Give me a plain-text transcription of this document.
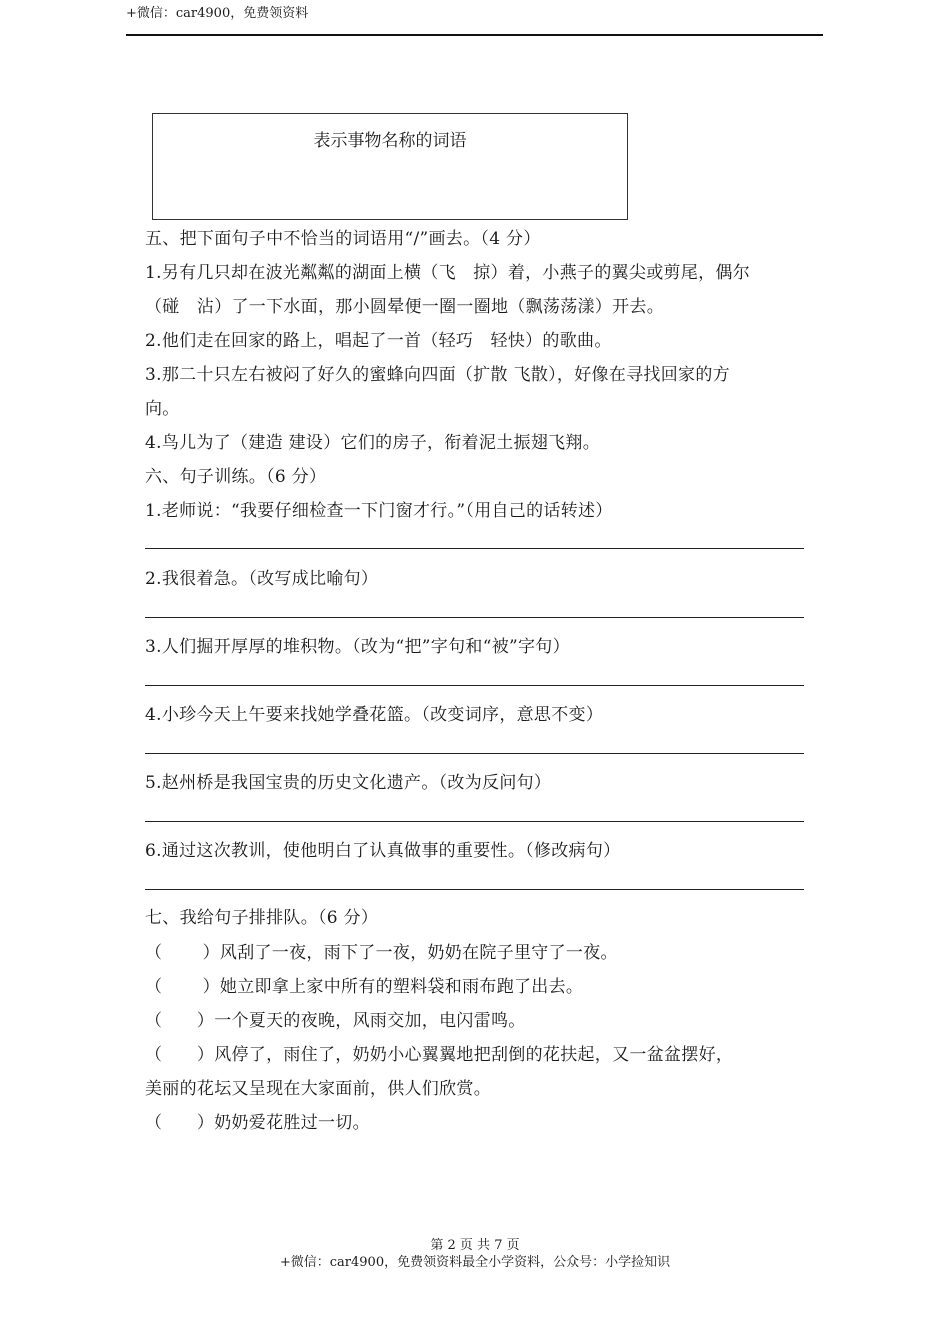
+微信：car4900，免费领资料
表示事物名称的词语
五、把下面句子中不恰当的词语用“/”画去。（4 分）
1.另有几只却在波光粼粼的湖面上横（飞　掠）着，小燕子的翼尖或剪尾，偶尔
（碰　沾）了一下水面，那小圆晕便一圈一圈地（飘荡荡漾）开去。
2.他们走在回家的路上，唱起了一首（轻巧　轻快）的歌曲。
3.那二十只左右被闷了好久的蜜蜂向四面（扩散 飞散），好像在寻找回家的方
向。
4.鸟儿为了（建造 建设）它们的房子，衔着泥土振翅飞翔。
六、句子训练。（6 分）
1.老师说：“我要仔细检查一下门窗才行。”（用自己的话转述）
2.我很着急。（改写成比喻句）
3.人们掘开厚厚的堆积物。（改为“把”字句和“被”字句）
4.小珍今天上午要来找她学叠花篮。（改变词序，意思不变）
5.赵州桥是我国宝贵的历史文化遗产。（改为反问句）
6.通过这次教训，使他明白了认真做事的重要性。（修改病句）
七、我给句子排排队。（6 分）
（　　 ）风刮了一夜，雨下了一夜，奶奶在院子里守了一夜。
（　　 ）她立即拿上家中所有的塑料袋和雨布跑了出去。
（　　）一个夏天的夜晚，风雨交加，电闪雷鸣。
（　　）风停了，雨住了，奶奶小心翼翼地把刮倒的花扶起，又一盆盆摆好，
美丽的花坛又呈现在大家面前，供人们欣赏。
（　　）奶奶爱花胜过一切。
第 2 页 共 7 页
+微信：car4900，免费领资料最全小学资料，公众号：小学捡知识
